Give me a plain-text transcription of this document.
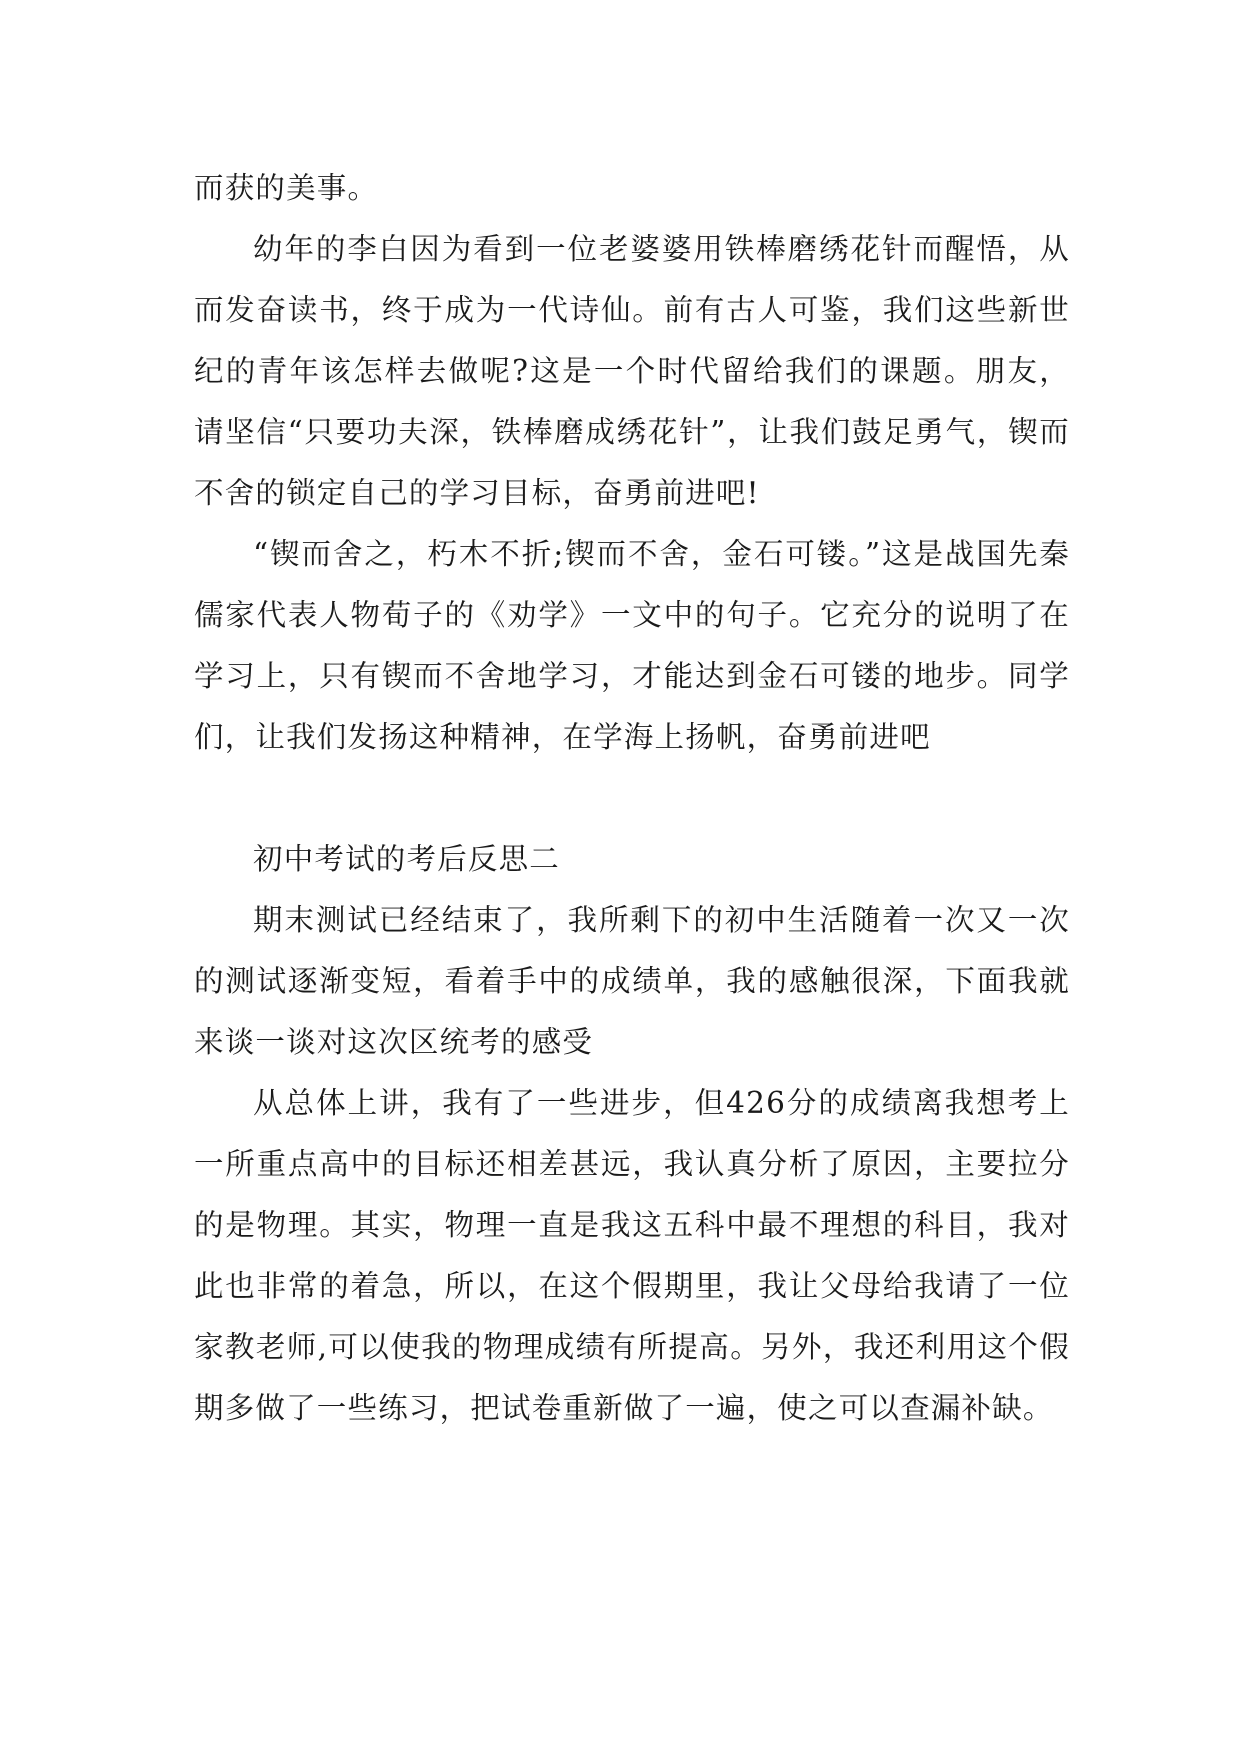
而获的美事。

幼年的李白因为看到一位老婆婆用铁棒磨绣花针而醒悟，从而发奋读书，终于成为一代诗仙。前有古人可鉴，我们这些新世纪的青年该怎样去做呢?这是一个时代留给我们的课题。朋友，请坚信“只要功夫深，铁棒磨成绣花针”，让我们鼓足勇气，锲而不舍的锁定自己的学习目标，奋勇前进吧!

“锲而舍之，朽木不折;锲而不舍，金石可镂。”这是战国先秦儒家代表人物荀子的《劝学》一文中的句子。它充分的说明了在学习上，只有锲而不舍地学习，才能达到金石可镂的地步。同学们，让我们发扬这种精神，在学海上扬帆，奋勇前进吧

初中考试的考后反思二

期末测试已经结束了，我所剩下的初中生活随着一次又一次的测试逐渐变短，看着手中的成绩单，我的感触很深，下面我就来谈一谈对这次区统考的感受

从总体上讲，我有了一些进步，但426分的成绩离我想考上一所重点高中的目标还相差甚远，我认真分析了原因，主要拉分的是物理。其实，物理一直是我这五科中最不理想的科目，我对此也非常的着急，所以，在这个假期里，我让父母给我请了一位家教老师,可以使我的物理成绩有所提高。另外，我还利用这个假期多做了一些练习，把试卷重新做了一遍，使之可以查漏补缺。
